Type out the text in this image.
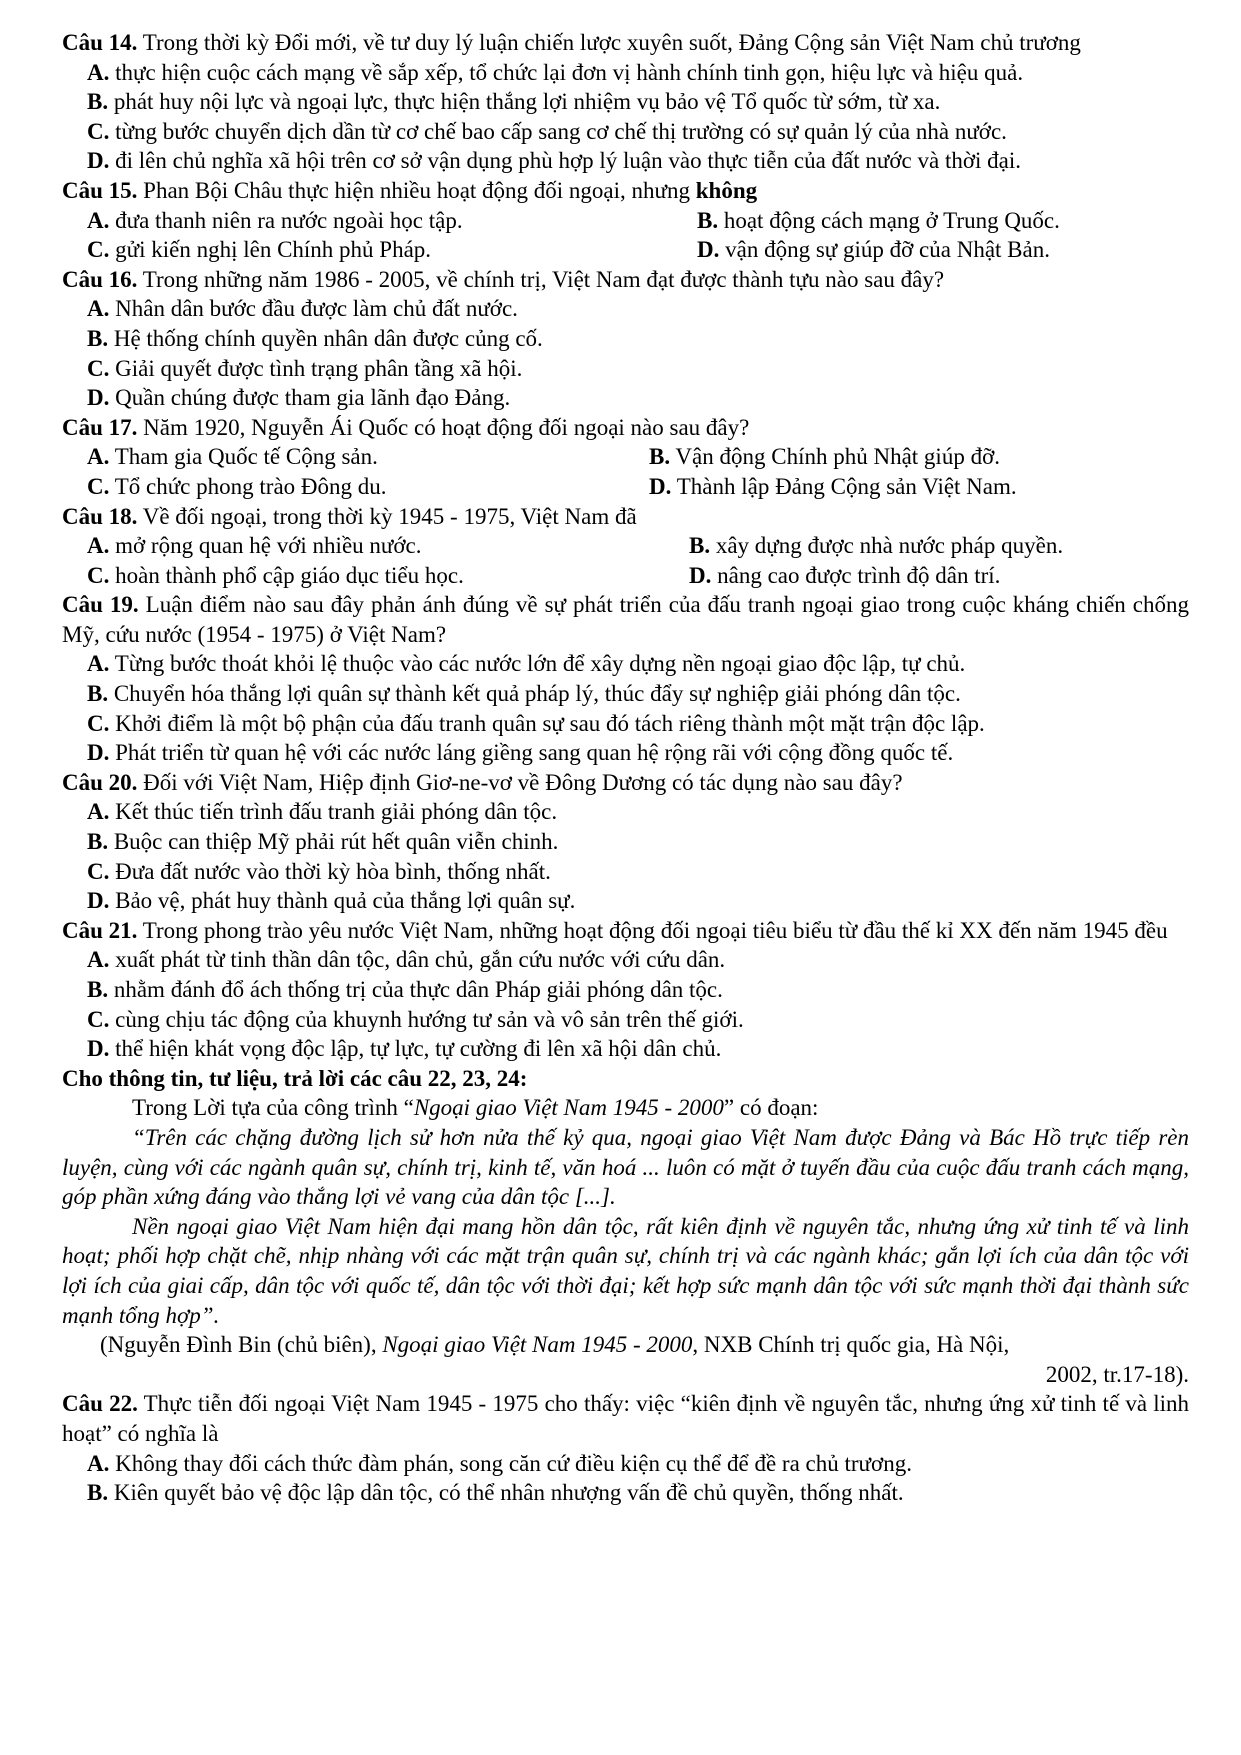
Câu 14. Trong thời kỳ Đổi mới, về tư duy lý luận chiến lược xuyên suốt, Đảng Cộng sản Việt Nam chủ trương
A. thực hiện cuộc cách mạng về sắp xếp, tổ chức lại đơn vị hành chính tinh gọn, hiệu lực và hiệu quả.
B. phát huy nội lực và ngoại lực, thực hiện thắng lợi nhiệm vụ bảo vệ Tổ quốc từ sớm, từ xa.
C. từng bước chuyển dịch dần từ cơ chế bao cấp sang cơ chế thị trường có sự quản lý của nhà nước.
D. đi lên chủ nghĩa xã hội trên cơ sở vận dụng phù hợp lý luận vào thực tiễn của đất nước và thời đại.
Câu 15. Phan Bội Châu thực hiện nhiều hoạt động đối ngoại, nhưng không
A. đưa thanh niên ra nước ngoài học tập.	B. hoạt động cách mạng ở Trung Quốc.
C. gửi kiến nghị lên Chính phủ Pháp.	D. vận động sự giúp đỡ của Nhật Bản.
Câu 16. Trong những năm 1986 - 2005, về chính trị, Việt Nam đạt được thành tựu nào sau đây?
A. Nhân dân bước đầu được làm chủ đất nước.
B. Hệ thống chính quyền nhân dân được củng cố.
C. Giải quyết được tình trạng phân tầng xã hội.
D. Quần chúng được tham gia lãnh đạo Đảng.
Câu 17. Năm 1920, Nguyễn Ái Quốc có hoạt động đối ngoại nào sau đây?
A. Tham gia Quốc tế Cộng sản.	B. Vận động Chính phủ Nhật giúp đỡ.
C. Tổ chức phong trào Đông du.	D. Thành lập Đảng Cộng sản Việt Nam.
Câu 18. Về đối ngoại, trong thời kỳ 1945 - 1975, Việt Nam đã
A. mở rộng quan hệ với nhiều nước.	B. xây dựng được nhà nước pháp quyền.
C. hoàn thành phổ cập giáo dục tiểu học.	D. nâng cao được trình độ dân trí.
Câu 19. Luận điểm nào sau đây phản ánh đúng về sự phát triển của đấu tranh ngoại giao trong cuộc kháng chiến chống Mỹ, cứu nước (1954 - 1975) ở Việt Nam?
A. Từng bước thoát khỏi lệ thuộc vào các nước lớn để xây dựng nền ngoại giao độc lập, tự chủ.
B. Chuyển hóa thắng lợi quân sự thành kết quả pháp lý, thúc đẩy sự nghiệp giải phóng dân tộc.
C. Khởi điểm là một bộ phận của đấu tranh quân sự sau đó tách riêng thành một mặt trận độc lập.
D. Phát triển từ quan hệ với các nước láng giềng sang quan hệ rộng rãi với cộng đồng quốc tế.
Câu 20. Đối với Việt Nam, Hiệp định Giơ-ne-vơ về Đông Dương có tác dụng nào sau đây?
A. Kết thúc tiến trình đấu tranh giải phóng dân tộc.
B. Buộc can thiệp Mỹ phải rút hết quân viễn chinh.
C. Đưa đất nước vào thời kỳ hòa bình, thống nhất.
D. Bảo vệ, phát huy thành quả của thắng lợi quân sự.
Câu 21. Trong phong trào yêu nước Việt Nam, những hoạt động đối ngoại tiêu biểu từ đầu thế kỉ XX đến năm 1945 đều
A. xuất phát từ tinh thần dân tộc, dân chủ, gắn cứu nước với cứu dân.
B. nhằm đánh đổ ách thống trị của thực dân Pháp giải phóng dân tộc.
C. cùng chịu tác động của khuynh hướng tư sản và vô sản trên thế giới.
D. thể hiện khát vọng độc lập, tự lực, tự cường đi lên xã hội dân chủ.
Cho thông tin, tư liệu, trả lời các câu 22, 23, 24:
Trong Lời tựa của công trình “Ngoại giao Việt Nam 1945 - 2000” có đoạn:
“Trên các chặng đường lịch sử hơn nửa thế kỷ qua, ngoại giao Việt Nam được Đảng và Bác Hồ trực tiếp rèn luyện, cùng với các ngành quân sự, chính trị, kinh tế, văn hoá ... luôn có mặt ở tuyến đầu của cuộc đấu tranh cách mạng, góp phần xứng đáng vào thắng lợi vẻ vang của dân tộc [...].
Nền ngoại giao Việt Nam hiện đại mang hồn dân tộc, rất kiên định về nguyên tắc, nhưng ứng xử tinh tế và linh hoạt; phối hợp chặt chẽ, nhịp nhàng với các mặt trận quân sự, chính trị và các ngành khác; gắn lợi ích của dân tộc với lợi ích của giai cấp, dân tộc với quốc tế, dân tộc với thời đại; kết hợp sức mạnh dân tộc với sức mạnh thời đại thành sức mạnh tổng hợp”.
(Nguyễn Đình Bin (chủ biên), Ngoại giao Việt Nam 1945 - 2000, NXB Chính trị quốc gia, Hà Nội,
2002, tr.17-18).
Câu 22. Thực tiễn đối ngoại Việt Nam 1945 - 1975 cho thấy: việc “kiên định về nguyên tắc, nhưng ứng xử tinh tế và linh hoạt” có nghĩa là
A. Không thay đổi cách thức đàm phán, song căn cứ điều kiện cụ thể để đề ra chủ trương.
B. Kiên quyết bảo vệ độc lập dân tộc, có thể nhân nhượng vấn đề chủ quyền, thống nhất.
